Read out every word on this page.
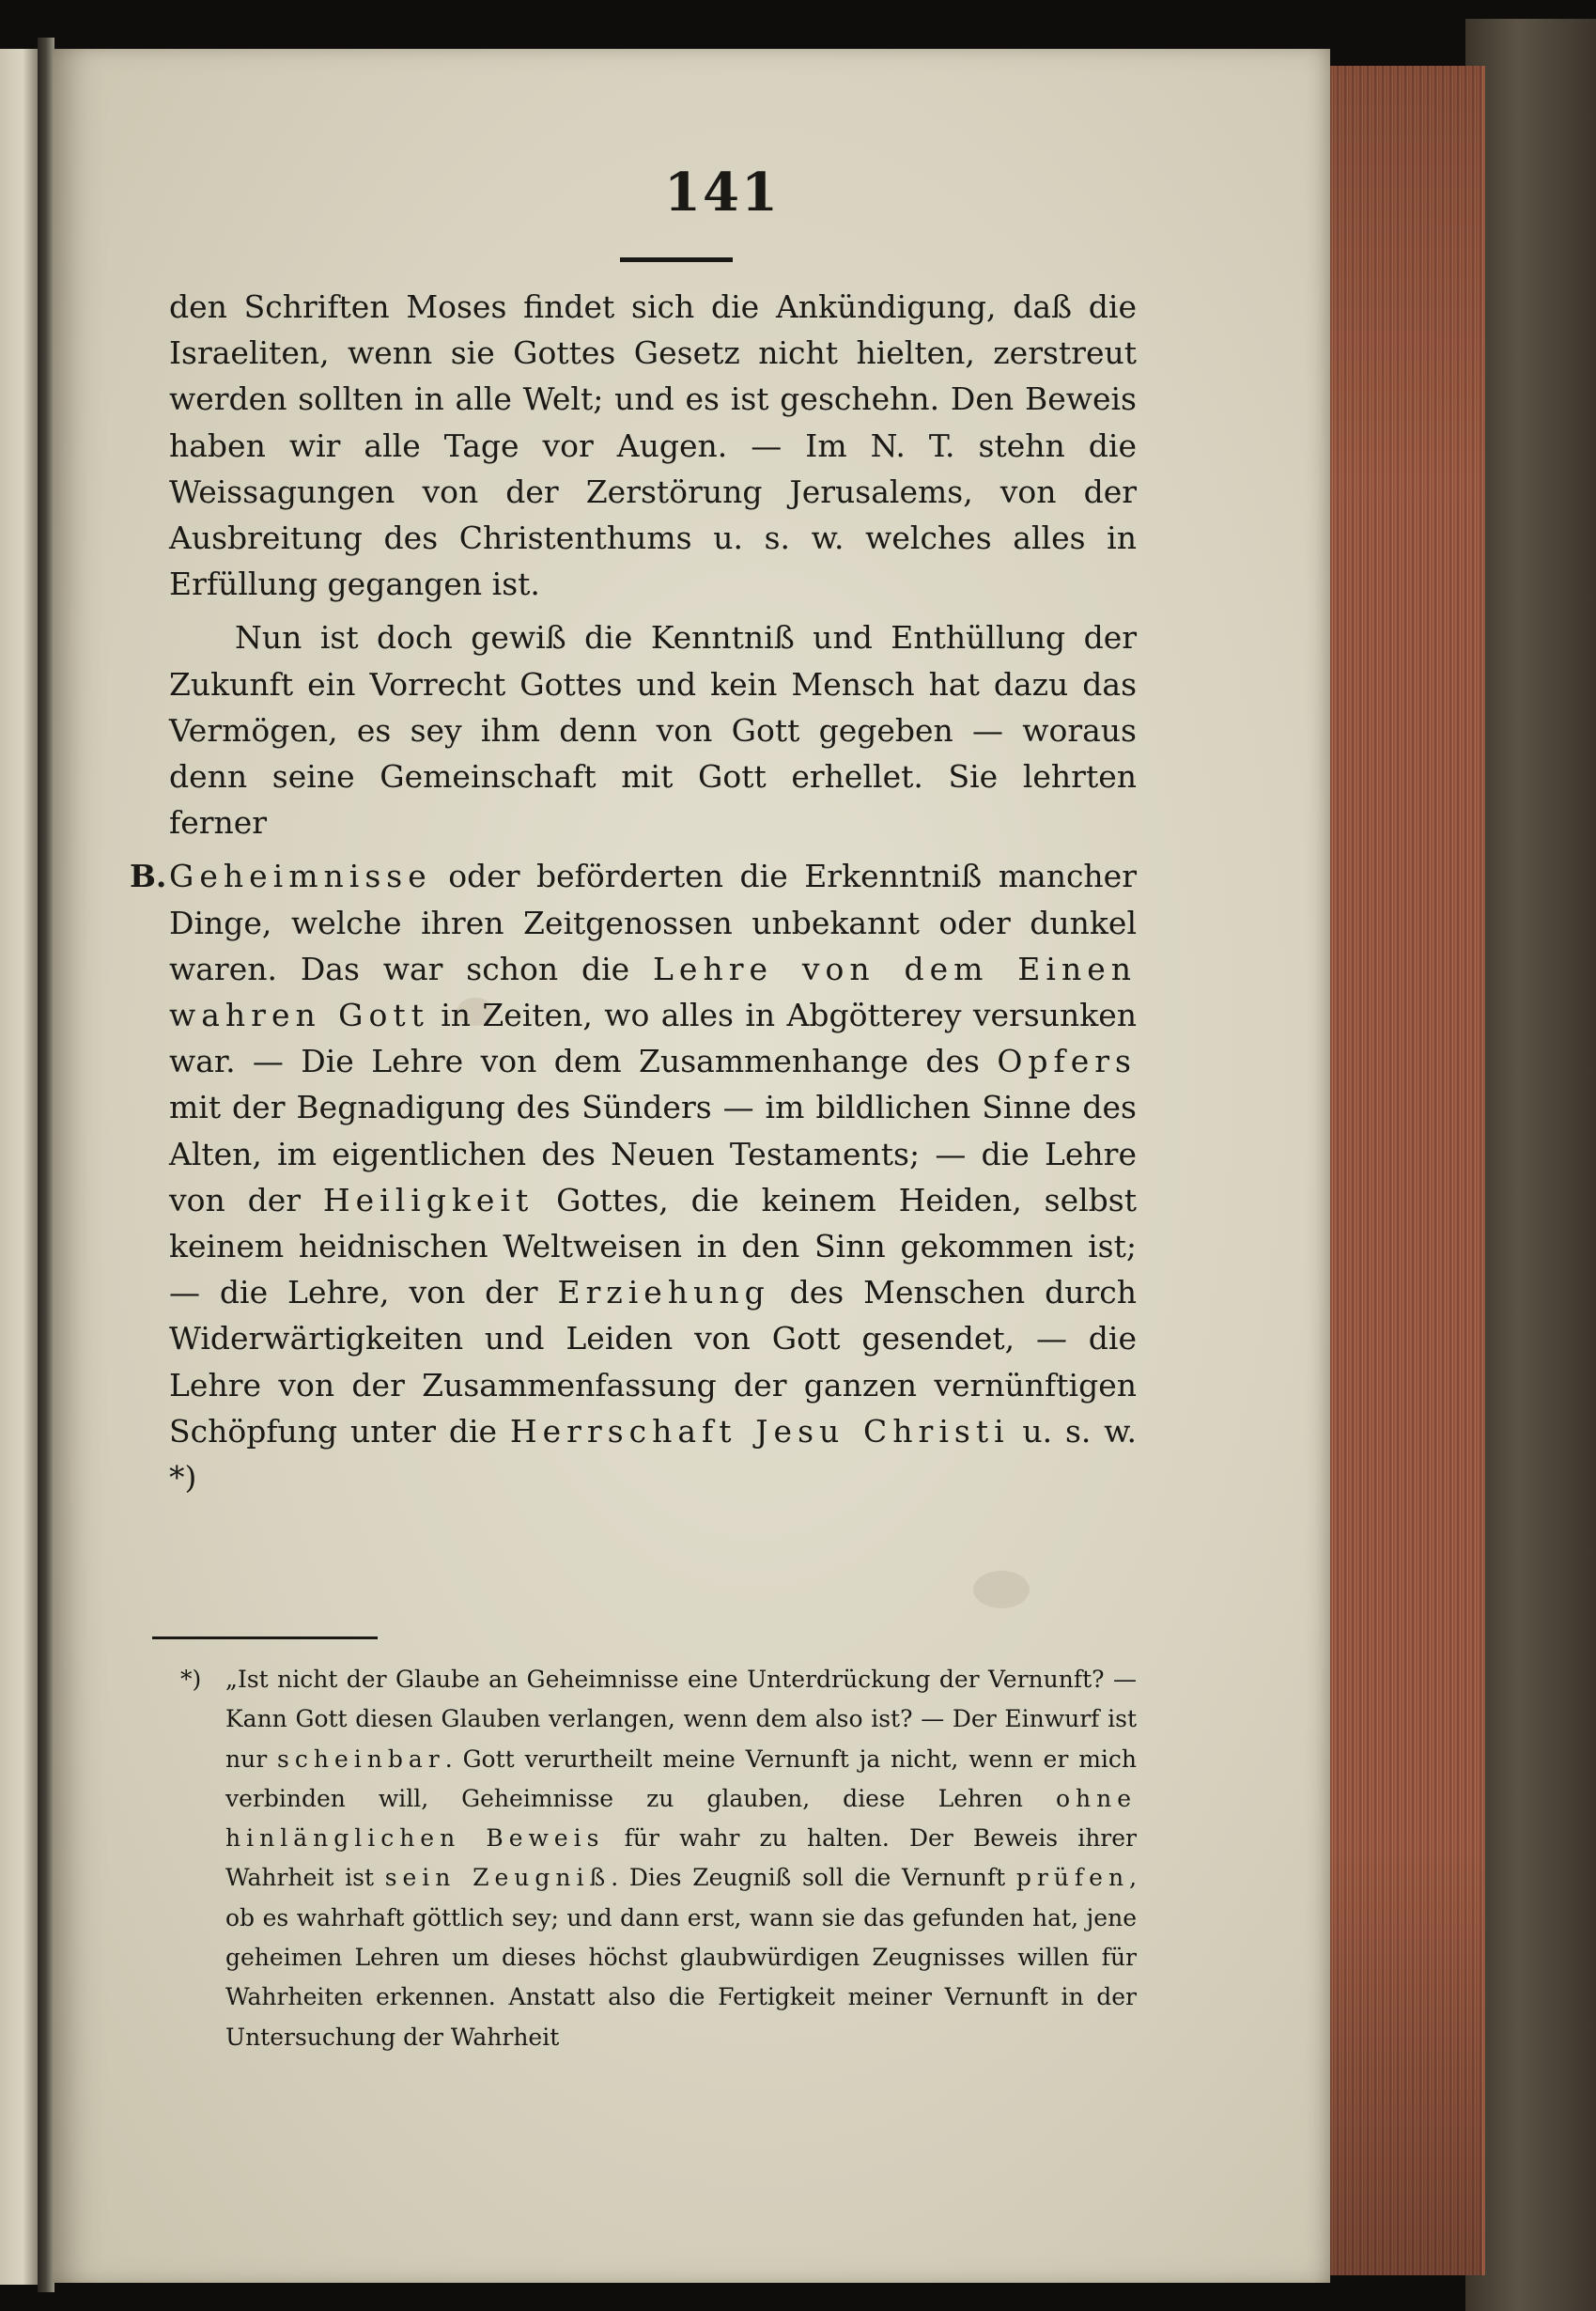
141

den Schriften Moses findet sich die Ankündigung, daß die Israeliten, wenn sie Gottes Gesetz nicht hielten, zerstreut werden sollten in alle Welt; und es ist geschehn. Den Beweis haben wir alle Tage vor Augen. — Im N. T. stehn die Weissagungen von der Zerstörung Jerusalems, von der Ausbreitung des Christenthums u. s. w. welches alles in Erfüllung gegangen ist.

Nun ist doch gewiß die Kenntniß und Enthüllung der Zukunft ein Vorrecht Gottes und kein Mensch hat dazu das Vermögen, es sey ihm denn von Gott gegeben — woraus denn seine Gemeinschaft mit Gott erhellet. Sie lehrten ferner

B. Geheimnisse oder beförderten die Erkenntniß mancher Dinge, welche ihren Zeitgenossen unbekannt oder dunkel waren. Das war schon die Lehre von dem Einen wahren Gott in Zeiten, wo alles in Abgötterey versunken war. — Die Lehre von dem Zusammenhange des Opfers mit der Begnadigung des Sünders — im bildlichen Sinne des Alten, im eigentlichen des Neuen Testaments; — die Lehre von der Heiligkeit Gottes, die keinem Heiden, selbst keinem heidnischen Weltweisen in den Sinn gekommen ist; — die Lehre, von der Erziehung des Menschen durch Widerwärtigkeiten und Leiden von Gott gesendet, — die Lehre von der Zusammenfassung der ganzen vernünftigen Schöpfung unter die Herrschaft Jesu Christi u. s. w. *)

*) „Ist nicht der Glaube an Geheimnisse eine Unterdrückung der Vernunft? — Kann Gott diesen Glauben verlangen, wenn dem also ist? — Der Einwurf ist nur scheinbar. Gott verurtheilt meine Vernunft ja nicht, wenn er mich verbinden will, Geheimnisse zu glauben, diese Lehren ohne hinlänglichen Beweis für wahr zu halten. Der Beweis ihrer Wahrheit ist sein Zeugniß. Dies Zeugniß soll die Vernunft prüfen, ob es wahrhaft göttlich sey; und dann erst, wann sie das gefunden hat, jene geheimen Lehren um dieses höchst glaubwürdigen Zeugnisses willen für Wahrheiten erkennen. Anstatt also die Fertigkeit meiner Vernunft in der Untersuchung der Wahrheit
